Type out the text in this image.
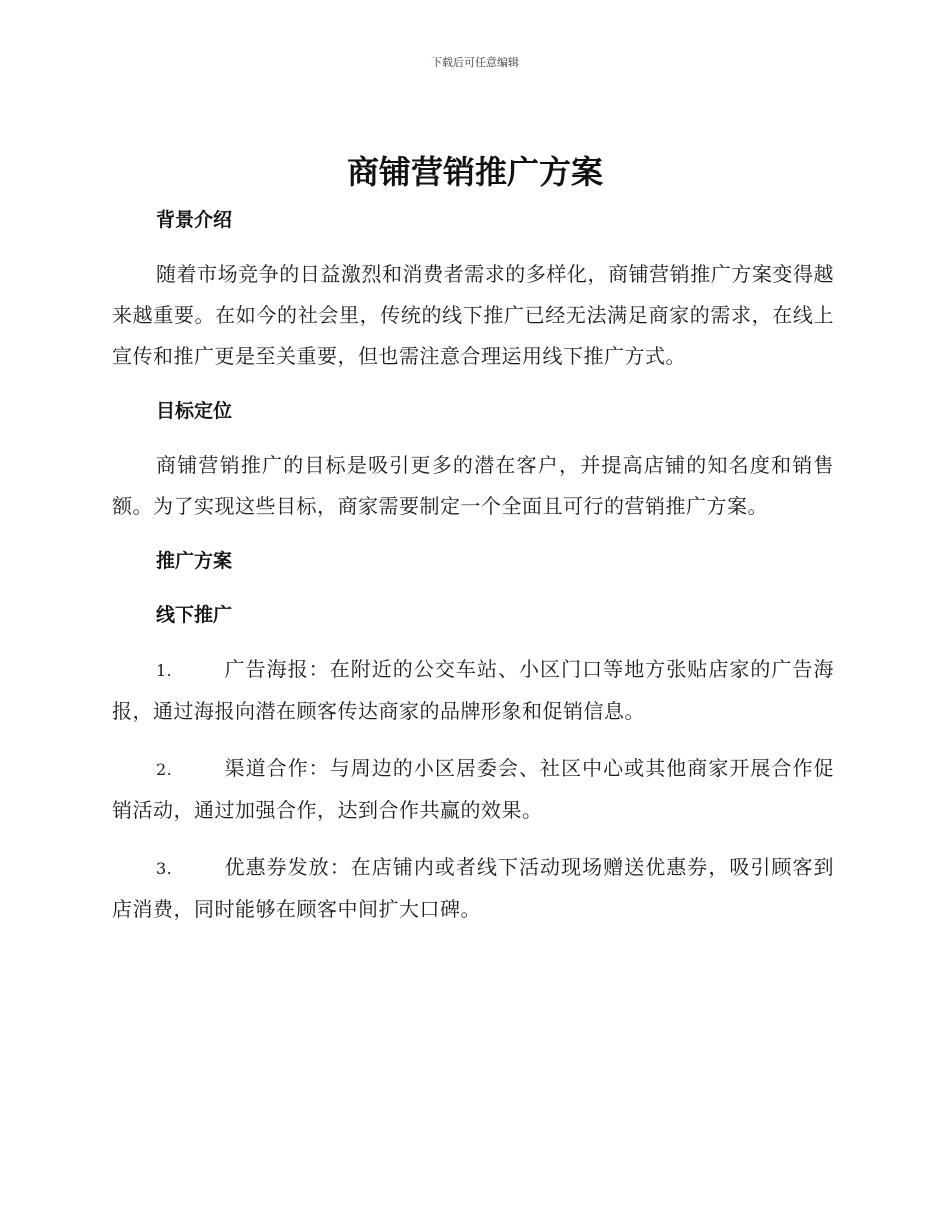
下载后可任意编辑
商铺营销推广方案

背景介绍

随着市场竞争的日益激烈和消费者需求的多样化，商铺营销推广方案变得越来越重要。在如今的社会里，传统的线下推广已经无法满足商家的需求，在线上宣传和推广更是至关重要，但也需注意合理运用线下推广方式。

目标定位

商铺营销推广的目标是吸引更多的潜在客户，并提高店铺的知名度和销售额。为了实现这些目标，商家需要制定一个全面且可行的营销推广方案。

推广方案

线下推广

1.	广告海报：在附近的公交车站、小区门口等地方张贴店家的广告海报，通过海报向潜在顾客传达商家的品牌形象和促销信息。

2.	渠道合作：与周边的小区居委会、社区中心或其他商家开展合作促销活动，通过加强合作，达到合作共赢的效果。

3.	优惠券发放：在店铺内或者线下活动现场赠送优惠券，吸引顾客到店消费，同时能够在顾客中间扩大口碑。
